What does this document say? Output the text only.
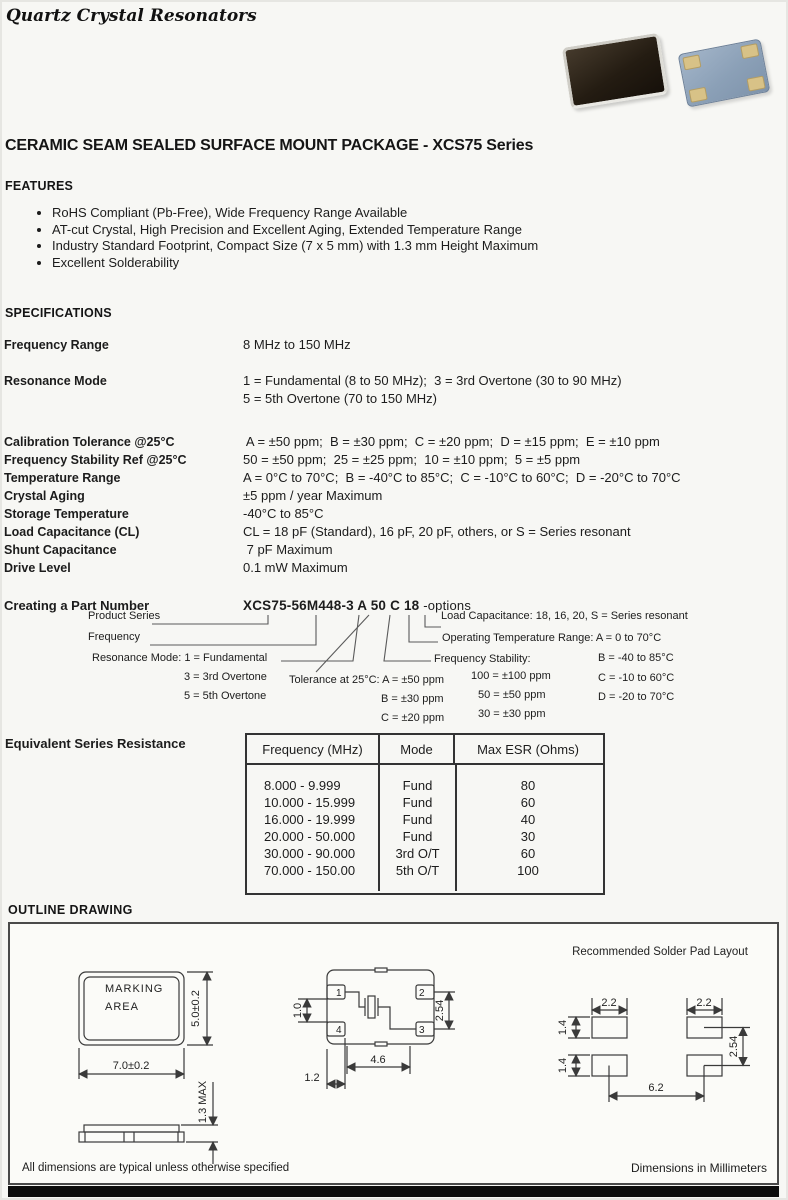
Quartz Crystal Resonators
CERAMIC SEAM SEALED SURFACE MOUNT PACKAGE - XCS75 Series
FEATURES
• RoHS Compliant (Pb-Free), Wide Frequency Range Available
• AT-cut Crystal, High Precision and Excellent Aging, Extended Temperature Range
• Industry Standard Footprint, Compact Size (7 x 5 mm) with 1.3 mm Height Maximum
• Excellent Solderability
SPECIFICATIONS
Frequency Range	8 MHz to 150 MHz
Resonance Mode	1 = Fundamental (8 to 50 MHz);  3 = 3rd Overtone (30 to 90 MHz)
5 = 5th Overtone (70 to 150 MHz)
Calibration Tolerance @25°C	A = ±50 ppm;  B = ±30 ppm;  C = ±20 ppm;  D = ±15 ppm;  E = ±10 ppm
Frequency Stability Ref @25°C	50 = ±50 ppm;  25 = ±25 ppm;  10 = ±10 ppm;  5 = ±5 ppm
Temperature Range	A = 0°C to 70°C;  B = -40°C to 85°C;  C = -10°C to 60°C;  D = -20°C to 70°C
Crystal Aging	±5 ppm / year Maximum
Storage Temperature	-40°C to 85°C
Load Capacitance (CL)	CL = 18 pF (Standard), 16 pF, 20 pF, others, or S = Series resonant
Shunt Capacitance	7 pF Maximum
Drive Level	0.1 mW Maximum
Creating a Part Number	XCS75-56M448-3 A 50 C 18 -options
Product Series
Frequency
Resonance Mode: 1 = Fundamental
3 = 3rd Overtone
5 = 5th Overtone
Tolerance at 25°C: A = ±50 ppm
B = ±30 ppm
C = ±20 ppm
Frequency Stability:
100 = ±100 ppm
50 = ±50 ppm
30 = ±30 ppm
Load Capacitance: 18, 16, 20, S = Series resonant
Operating Temperature Range: A = 0 to 70°C
B = -40 to 85°C
C = -10 to 60°C
D = -20 to 70°C
Equivalent Series Resistance	Frequency (MHz)	Mode	Max ESR (Ohms)
8.000 - 9.999	Fund	80
10.000 - 15.999	Fund	60
16.000 - 19.999	Fund	40
20.000 - 50.000	Fund	30
30.000 - 90.000	3rd O/T	60
70.000 - 150.00	5th O/T	100
OUTLINE DRAWING
MARKING
AREA	5.0±0.2
7.0±0.2
1.3 MAX
1	2
4	3
1.0	2.54
4.6
1.2
Recommended Solder Pad Layout
2.2	2.2
1.4
1.4
2.54
6.2
All dimensions are typical unless otherwise specified	Dimensions in Millimeters
